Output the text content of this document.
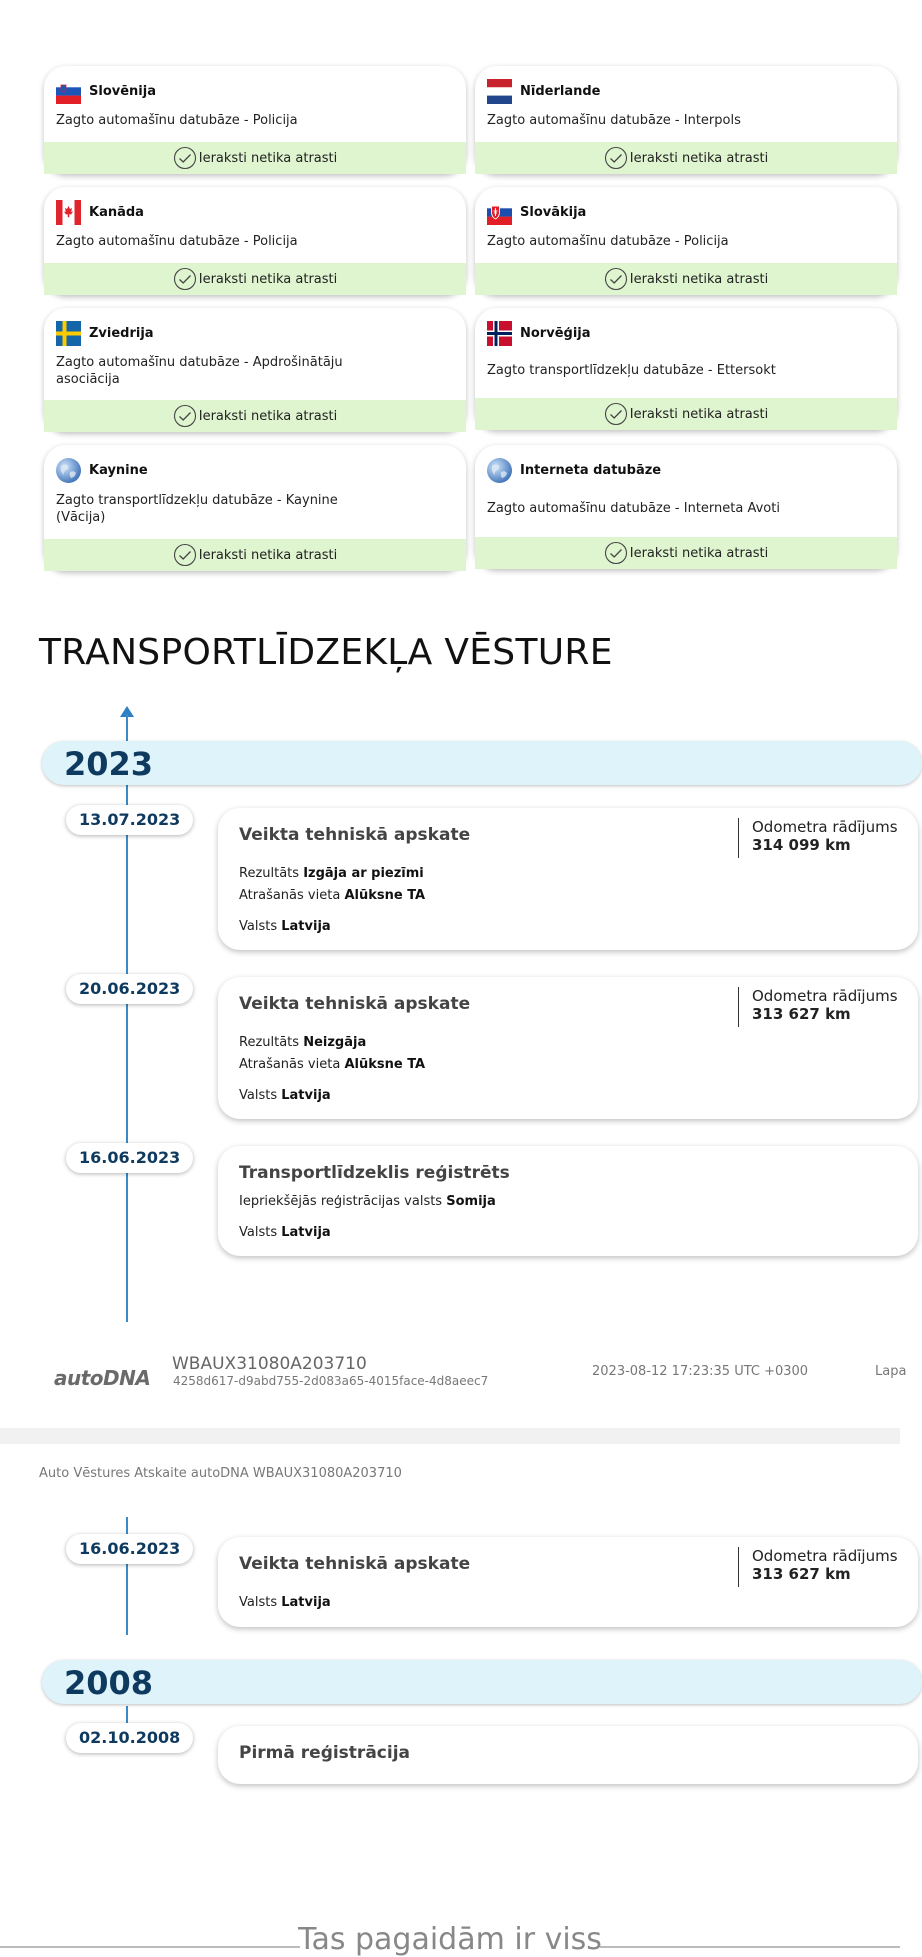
Slovēnija
Zagto automašīnu datubāze - Policija
Ieraksti netika atrasti
Nīderlande
Zagto automašīnu datubāze - Interpols
Ieraksti netika atrasti
Kanāda
Zagto automašīnu datubāze - Policija
Ieraksti netika atrasti
Slovākija
Zagto automašīnu datubāze - Policija
Ieraksti netika atrasti
Zviedrija
Zagto automašīnu datubāze - Apdrošinātāju asociācija
Ieraksti netika atrasti
Norvēģija
Zagto transportlīdzekļu datubāze - Ettersokt
Ieraksti netika atrasti
Kaynine
Zagto transportlīdzekļu datubāze - Kaynine (Vācija)
Ieraksti netika atrasti
Interneta datubāze
Zagto automašīnu datubāze - Interneta Avoti
Ieraksti netika atrasti
TRANSPORTLĪDZEKĻA VĒSTURE
2023
13.07.2023
Veikta tehniskā apskate
Rezultāts Izgāja ar piezīmi
Atrašanās vieta Alūksne TA
Valsts Latvija
Odometra rādījums
314 099 km
20.06.2023
Veikta tehniskā apskate
Rezultāts Neizgāja
Atrašanās vieta Alūksne TA
Valsts Latvija
Odometra rādījums
313 627 km
16.06.2023
Transportlīdzeklis reģistrēts
Iepriekšējās reģistrācijas valsts Somija
Valsts Latvija
autoDNA
WBAUX31080A203710
4258d617-d9abd755-2d083a65-4015face-4d8aeec7
2023-08-12 17:23:35 UTC +0300	Lapa
Auto Vēstures Atskaite autoDNA WBAUX31080A203710
16.06.2023
Veikta tehniskā apskate
Valsts Latvija
Odometra rādījums
313 627 km
2008
02.10.2008
Pirmā reģistrācija
Tas pagaidām ir viss
